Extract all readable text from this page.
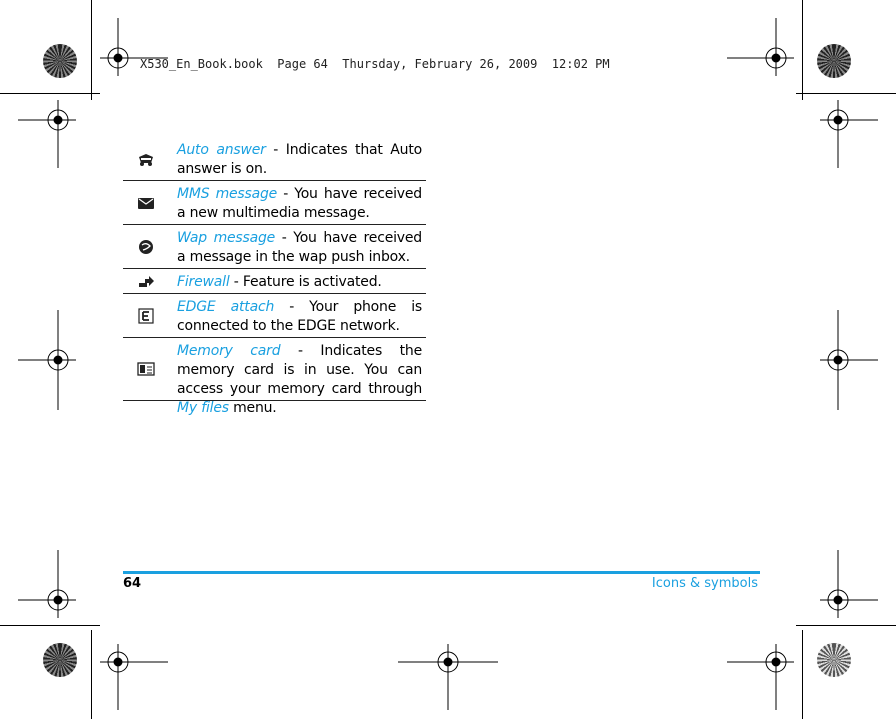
X530_En_Book.book  Page 64  Thursday, February 26, 2009  12:02 PM
Auto answer - Indicates that Auto answer is on.
MMS message - You have received a new multimedia message.
Wap message - You have received a message in the wap push inbox.
Firewall - Feature is activated.
EDGE attach - Your phone is connected to the EDGE network.
Memory card - Indicates the memory card is in use. You can access your memory card through My files menu.
64	Icons & symbols
